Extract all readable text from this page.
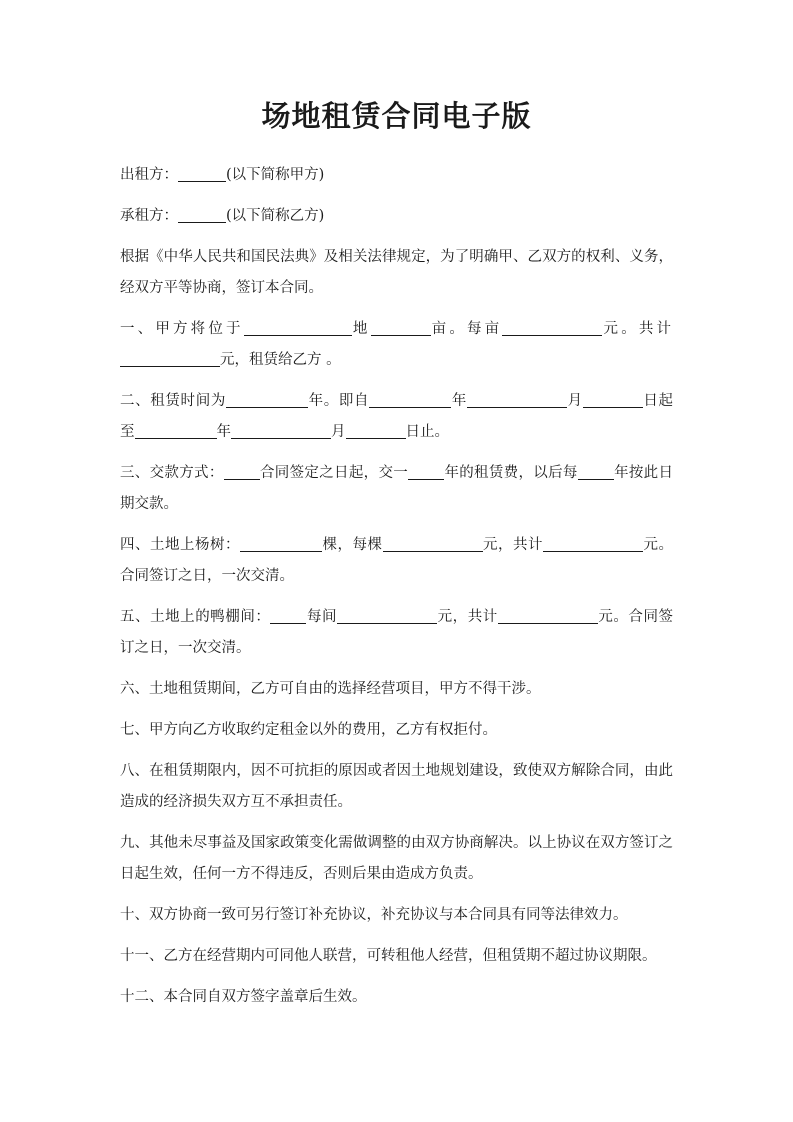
场地租赁合同电子版

出租方：	(以下简称甲方)

承租方：	(以下简称乙方)

根据《中华人民共和国民法典》及相关法律规定，为了明确甲、乙双方的权利、义务，经双方平等协商，签订本合同。

一、甲方将位于	地	亩。每亩	元。共计元，租赁给乙方 。

二、租赁时间为	年。即自	年	月	日起至	年	月	日止。

三、交款方式： 合同签定之日起，交一 年的租赁费，以后每 年按此日期交款。

四、土地上杨树：	棵，每棵	元，共计	元。合同签订之日，一次交清。

五、土地上的鸭棚间： 每间	元，共计	元。合同签订之日，一次交清。

六、土地租赁期间，乙方可自由的选择经营项目，甲方不得干涉。

七、甲方向乙方收取约定租金以外的费用，乙方有权拒付。

八、在租赁期限内，因不可抗拒的原因或者因土地规划建设，致使双方解除合同，由此造成的经济损失双方互不承担责任。

九、其他未尽事益及国家政策变化需做调整的由双方协商解决。以上协议在双方签订之日起生效，任何一方不得违反，否则后果由造成方负责。

十、双方协商一致可另行签订补充协议，补充协议与本合同具有同等法律效力。

十一、乙方在经营期内可同他人联营，可转租他人经营，但租赁期不超过协议期限。

十二、本合同自双方签字盖章后生效。
